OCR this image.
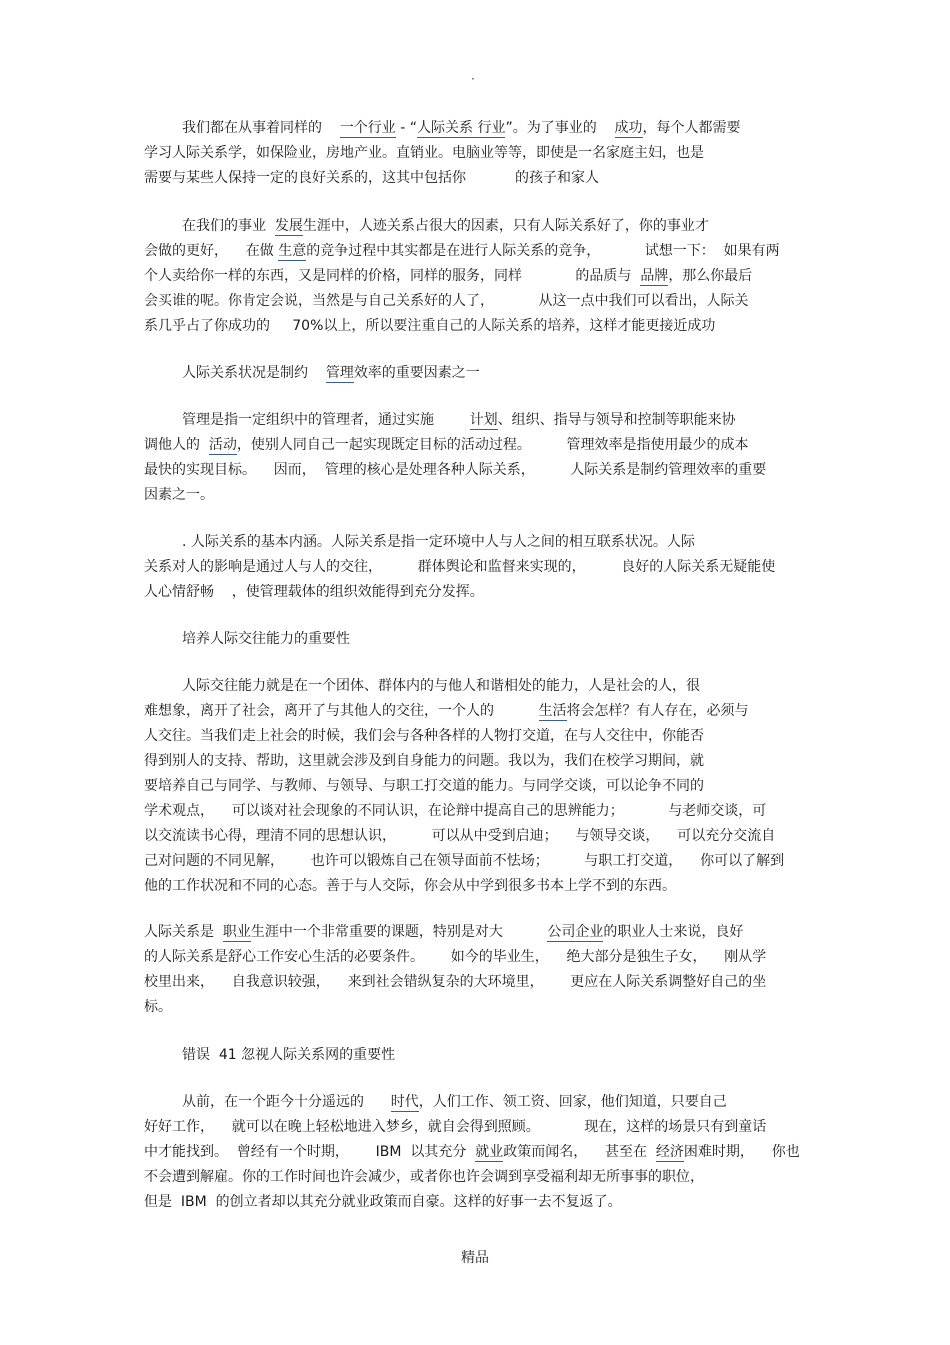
·
我们都在从事着同样的    一个行业 - “人际关系 行业”。为了事业的    成功，每个人都需要
学习人际关系学，如保险业，房地产业。直销业。电脑业等等，即使是一名家庭主妇，也是
需要与某些人保持一定的良好关系的，这其中包括你           的孩子和家人
在我们的事业  发展生涯中，人迹关系占很大的因素，只有人际关系好了，你的事业才
会做的更好，    在做 生意的竞争过程中其实都是在进行人际关系的竞争，          试想一下：  如果有两
个人卖给你一样的东西，又是同样的价格，同样的服务，同样            的品质与  品牌，那么你最后
会买谁的呢。你肯定会说，当然是与自己关系好的人了，          从这一点中我们可以看出，人际关
系几乎占了你成功的     70%以上，所以要注重自己的人际关系的培养，这样才能更接近成功
人际关系状况是制约    管理效率的重要因素之一
管理是指一定组织中的管理者，通过实施        计划、组织、指导与领导和控制等职能来协
调他人的  活动，使别人同自己一起实现既定目标的活动过程。        管理效率是指使用最少的成本
最快的实现目标。    因而，  管理的核心是处理各种人际关系，        人际关系是制约管理效率的重要
因素之一。
. 人际关系的基本内涵。人际关系是指一定环境中人与人之间的相互联系状况。人际
关系对人的影响是通过人与人的交往，        群体舆论和监督来实现的，        良好的人际关系无疑能使
人心情舒畅    ，使管理载体的组织效能得到充分发挥。
培养人际交往能力的重要性
人际交往能力就是在一个团体、群体内的与他人和谐相处的能力，人是社会的人，很
难想象，离开了社会，离开了与其他人的交往，一个人的          生活将会怎样？有人存在，必须与
人交往。当我们走上社会的时候，我们会与各种各样的人物打交道，在与人交往中，你能否
得到别人的支持、帮助，这里就会涉及到自身能力的问题。我以为，我们在校学习期间，就
要培养自己与同学、与教师、与领导、与职工打交道的能力。与同学交谈，可以论争不同的
学术观点，    可以谈对社会现象的不同认识，在论辩中提高自己的思辨能力；          与老师交谈，可
以交流读书心得，理清不同的思想认识，        可以从中受到启迪；    与领导交谈，    可以充分交流自
己对问题的不同见解，      也许可以锻炼自己在领导面前不怯场；        与职工打交道，    你可以了解到
他的工作状况和不同的心态。善于与人交际，你会从中学到很多书本上学不到的东西。
人际关系是  职业生涯中一个非常重要的课题，特别是对大          公司企业的职业人士来说，良好
的人际关系是舒心工作安心生活的必要条件。      如今的毕业生，    绝大部分是独生子女，    刚从学
校里出来，    自我意识较强，    来到社会错纵复杂的大环境里，      更应在人际关系调整好自己的坐
标。
错误  41 忽视人际关系网的重要性
从前，在一个距今十分遥远的      时代，人们工作、领工资、回家，他们知道，只要自己
好好工作，    就可以在晚上轻松地进入梦乡，就自会得到照顾。          现在，这样的场景只有到童话
中才能找到。  曾经有一个时期，      IBM  以其充分  就业政策而闻名，    甚至在  经济困难时期，    你也
不会遭到解雇。你的工作时间也许会减少，或者你也许会调到享受福利却无所事事的职位，
但是  IBM  的创立者却以其充分就业政策而自豪。这样的好事一去不复返了。
精品
